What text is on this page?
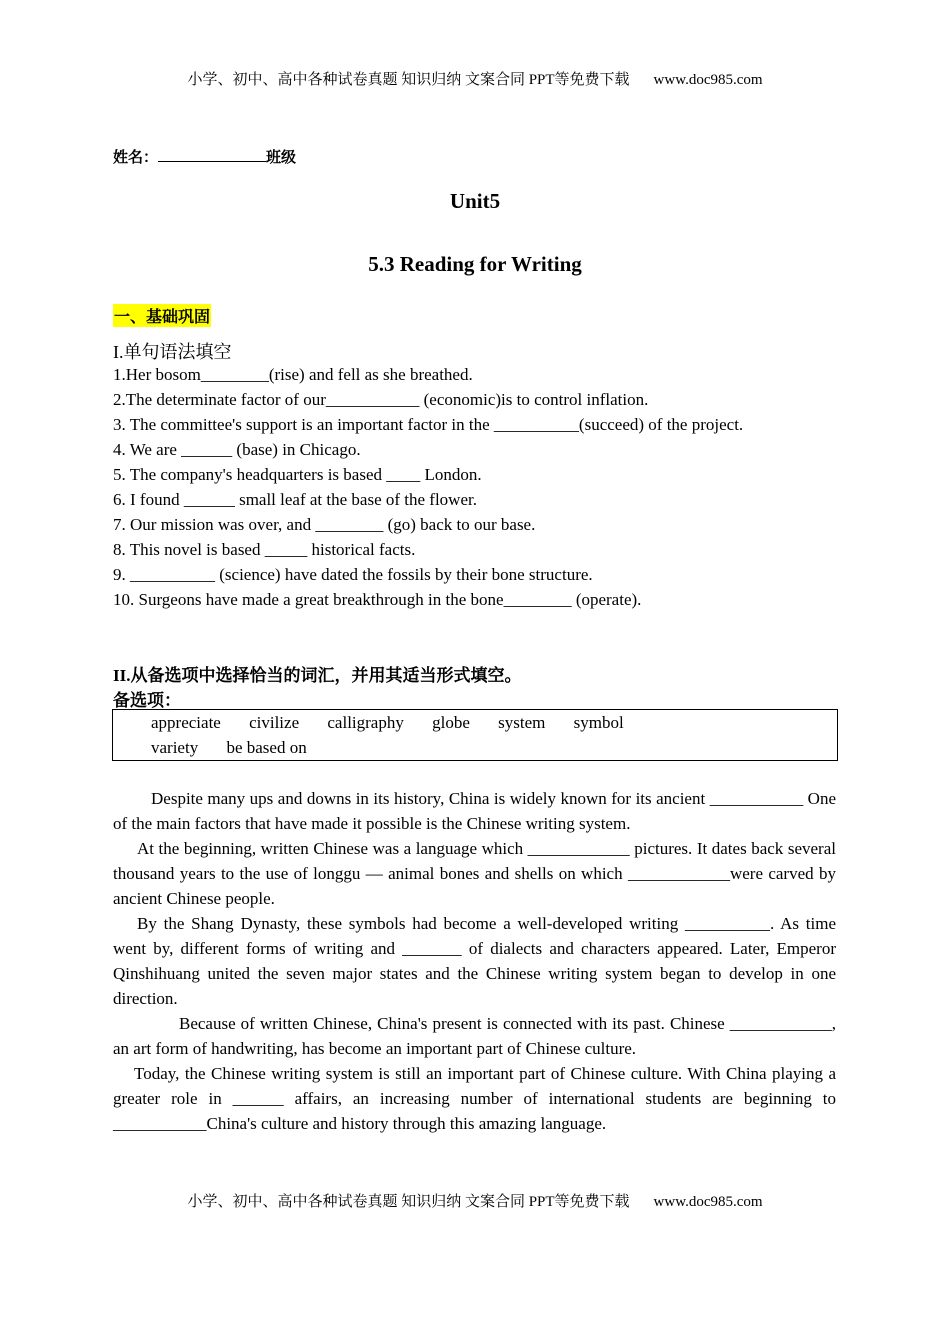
小学、初中、高中各种试卷真题 知识归纳 文案合同 PPT等免费下载 www.doc985.com
姓名：	班级
Unit5
5.3 Reading for Writing
一、基础巩固
I.单句语法填空
1.Her bosom________(rise) and fell as she breathed.
2.The determinate factor of our___________ (economic)is to control inflation.
3. The committee's support is an important factor in the __________(succeed) of the project.
4. We are ______ (base) in Chicago.
5. The company's headquarters is based ____ London.
6. I found ______ small leaf at the base of the flower.
7. Our mission was over, and ________ (go) back to our base.
8. This novel is based _____ historical facts.
9. __________ (science) have dated the fossils by their bone structure.
10. Surgeons have made a great breakthrough in the bone________ (operate).
II.从备选项中选择恰当的词汇，并用其适当形式填空。
备选项：
appreciate civilize calligraphy globe system symbol
variety be based on

Despite many ups and downs in its history, China is widely known for its ancient ___________ One of the main factors that have made it possible is the Chinese writing system.

At the beginning, written Chinese was a language which ____________ pictures. It dates back several thousand years to the use of longgu — animal bones and shells on which ____________were carved by ancient Chinese people.

By the Shang Dynasty, these symbols had become a well-developed writing __________. As time went by, different forms of writing and _______ of dialects and characters appeared. Later, Emperor Qinshihuang united the seven major states and the Chinese writing system began to develop in one direction.

Because of written Chinese, China's present is connected with its past. Chinese ____________, an art form of handwriting, has become an important part of Chinese culture.

Today, the Chinese writing system is still an important part of Chinese culture. With China playing a greater role in ______ affairs, an increasing number of international students are beginning to ___________China's culture and history through this amazing language.

小学、初中、高中各种试卷真题 知识归纳 文案合同 PPT等免费下载 www.doc985.com
